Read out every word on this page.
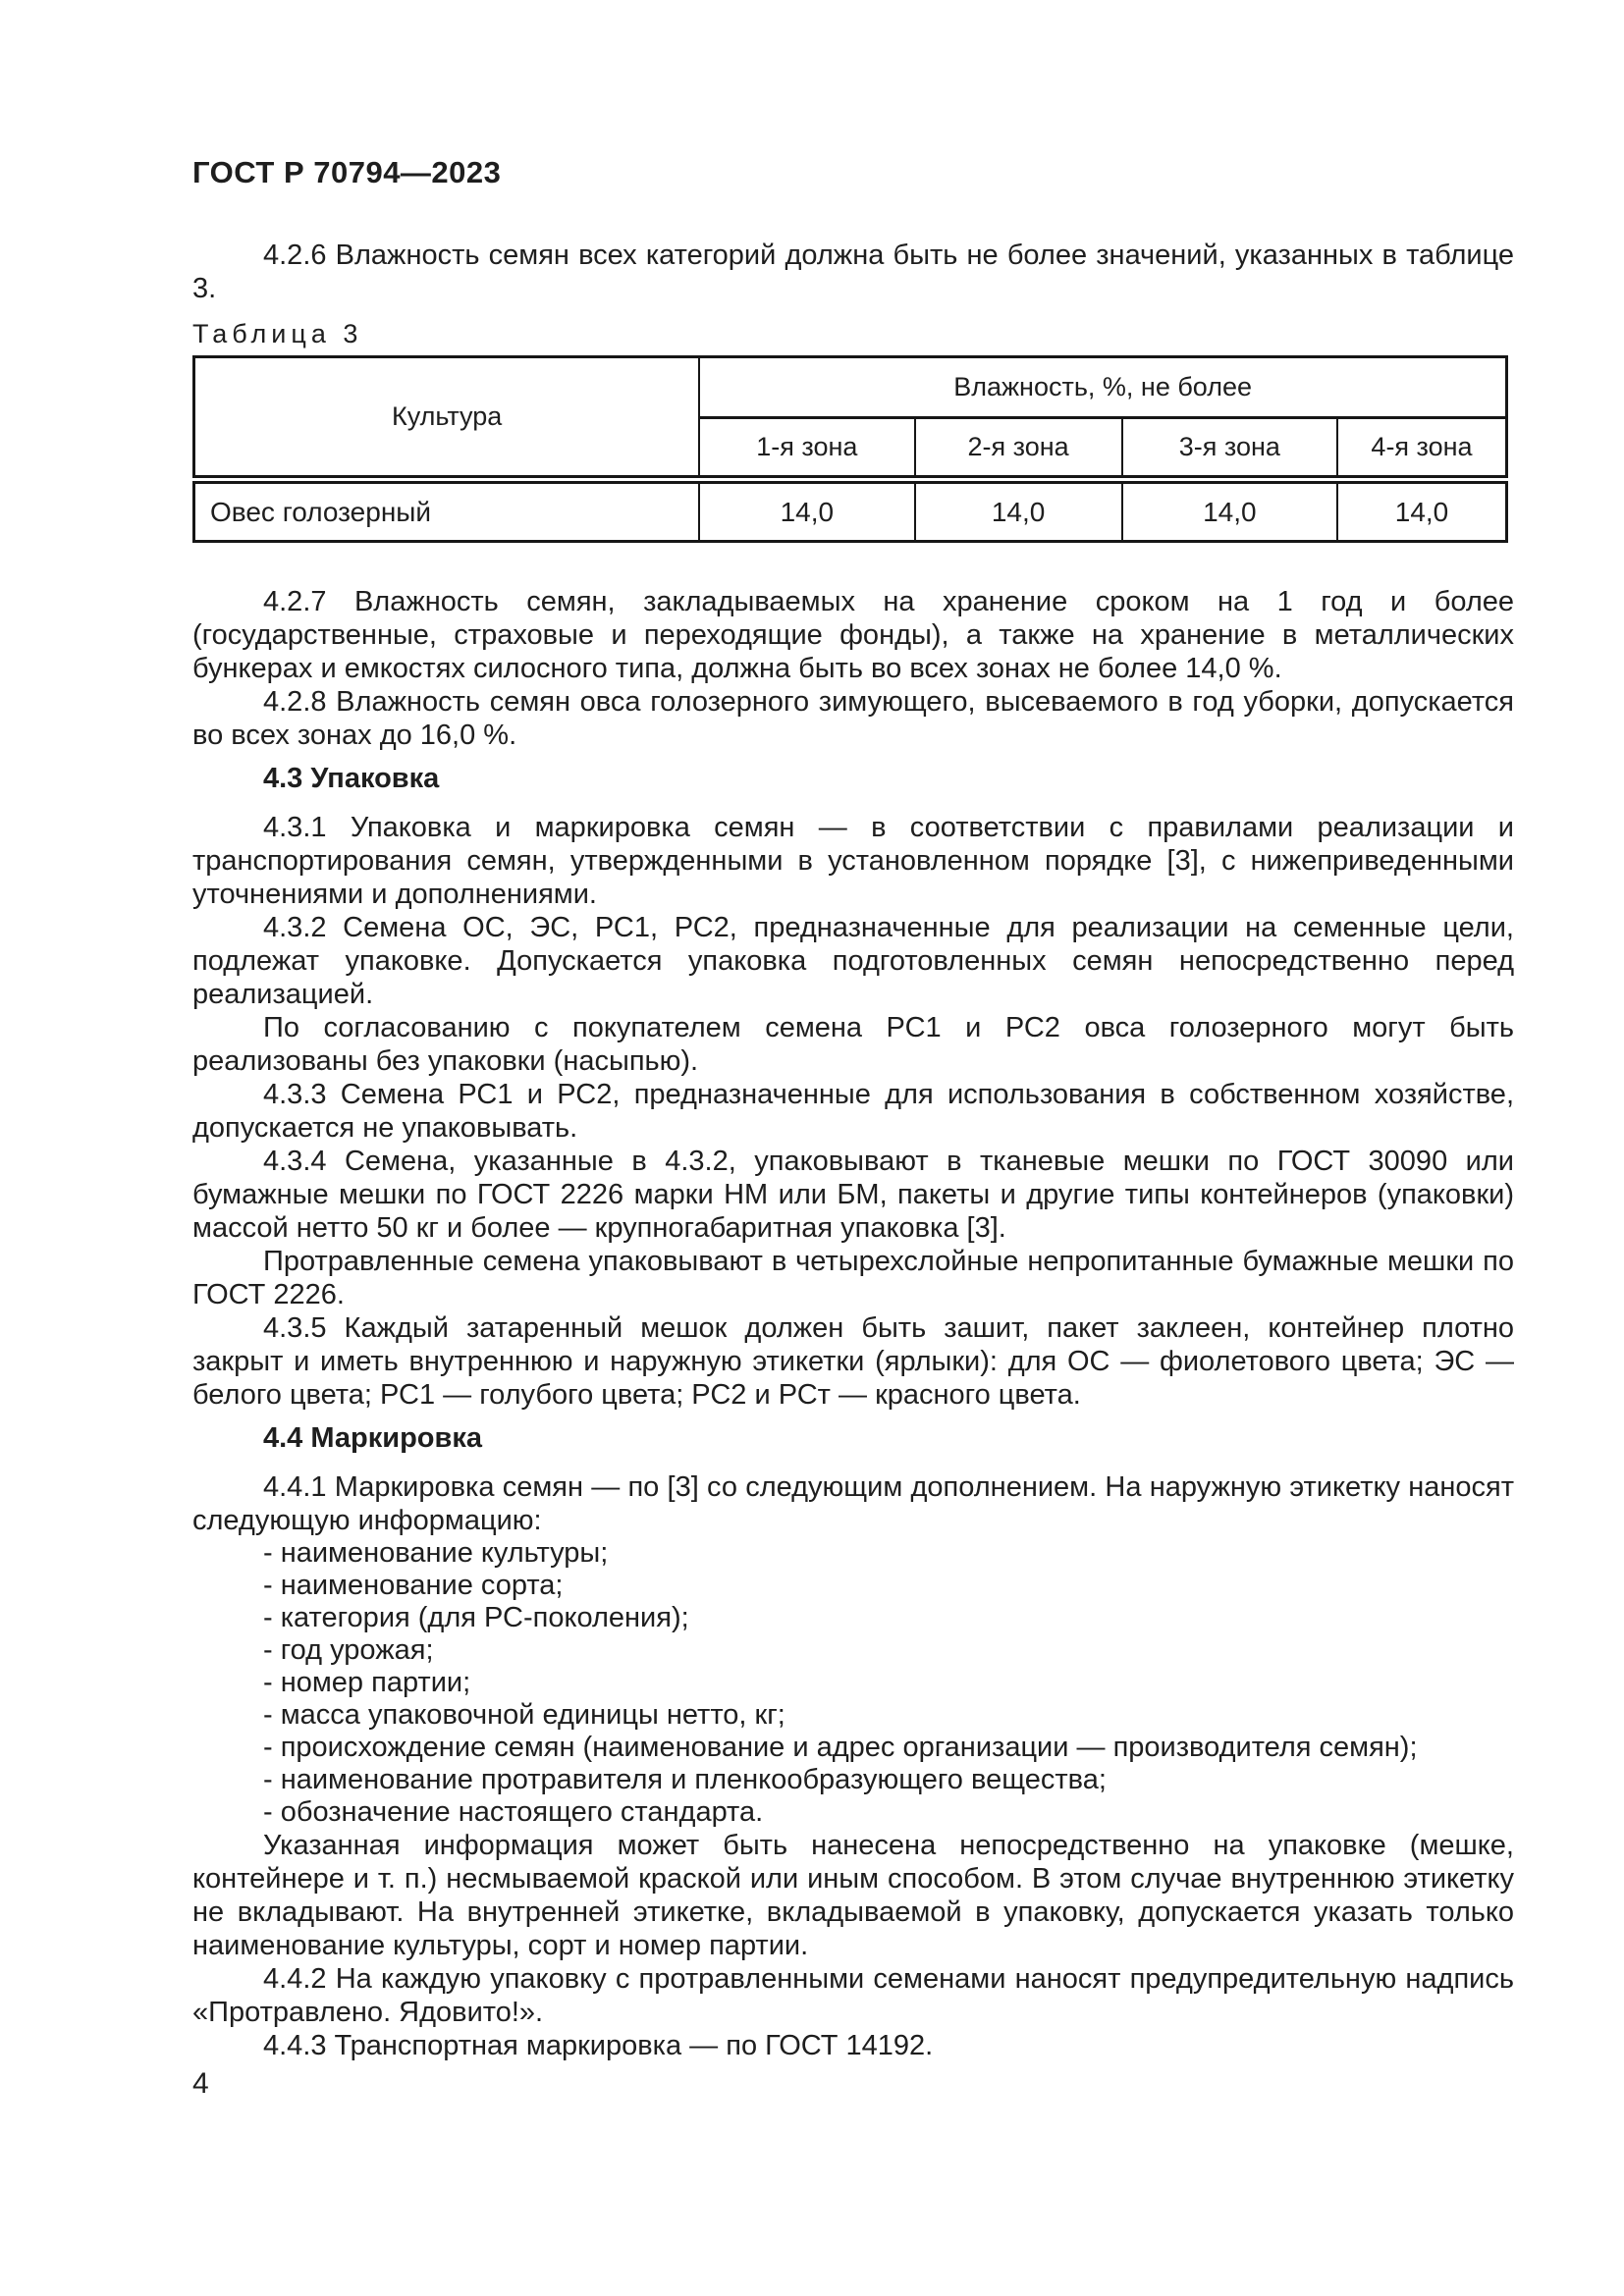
ГОСТ Р 70794—2023

4.2.6 Влажность семян всех категорий должна быть не более значений, указанных в таблице 3.

Таблица 3
Культура	Влажность, %, не более			
	1-я зона	2-я зона	3-я зона	4-я зона
Овес голозерный	14,0	14,0	14,0	14,0

4.2.7 Влажность семян, закладываемых на хранение сроком на 1 год и более (государственные, страховые и переходящие фонды), а также на хранение в металлических бункерах и емкостях силосного типа, должна быть во всех зонах не более 14,0 %.

4.2.8 Влажность семян овса голозерного зимующего, высеваемого в год уборки, допускается во всех зонах до 16,0 %.

4.3 Упаковка

4.3.1 Упаковка и маркировка семян — в соответствии с правилами реализации и транспортирования семян, утвержденными в установленном порядке [3], с нижеприведенными уточнениями и дополнениями.

4.3.2 Семена ОС, ЭС, РС1, РС2, предназначенные для реализации на семенные цели, подлежат упаковке. Допускается упаковка подготовленных семян непосредственно перед реализацией.

По согласованию с покупателем семена РС1 и РС2 овса голозерного могут быть реализованы без упаковки (насыпью).

4.3.3 Семена РС1 и РС2, предназначенные для использования в собственном хозяйстве, допускается не упаковывать.

4.3.4 Семена, указанные в 4.3.2, упаковывают в тканевые мешки по ГОСТ 30090 или бумажные мешки по ГОСТ 2226 марки НМ или БМ, пакеты и другие типы контейнеров (упаковки) массой нетто 50 кг и более — крупногабаритная упаковка [3].

Протравленные семена упаковывают в четырехслойные непропитанные бумажные мешки по ГОСТ 2226.

4.3.5 Каждый затаренный мешок должен быть зашит, пакет заклеен, контейнер плотно закрыт и иметь внутреннюю и наружную этикетки (ярлыки): для ОС — фиолетового цвета; ЭС — белого цвета; РС1 — голубого цвета; РС2 и РСт — красного цвета.

4.4 Маркировка

4.4.1 Маркировка семян — по [3] со следующим дополнением. На наружную этикетку наносят следующую информацию:

- наименование культуры;
- наименование сорта;
- категория (для РС-поколения);
- год урожая;
- номер партии;
- масса упаковочной единицы нетто, кг;
- происхождение семян (наименование и адрес организации — производителя семян);
- наименование протравителя и пленкообразующего вещества;
- обозначение настоящего стандарта.

Указанная информация может быть нанесена непосредственно на упаковке (мешке, контейнере и т. п.) несмываемой краской или иным способом. В этом случае внутреннюю этикетку не вкладывают. На внутренней этикетке, вкладываемой в упаковку, допускается указать только наименование культуры, сорт и номер партии.

4.4.2 На каждую упаковку с протравленными семенами наносят предупредительную надпись «Протравлено. Ядовито!».

4.4.3 Транспортная маркировка — по ГОСТ 14192.

4
